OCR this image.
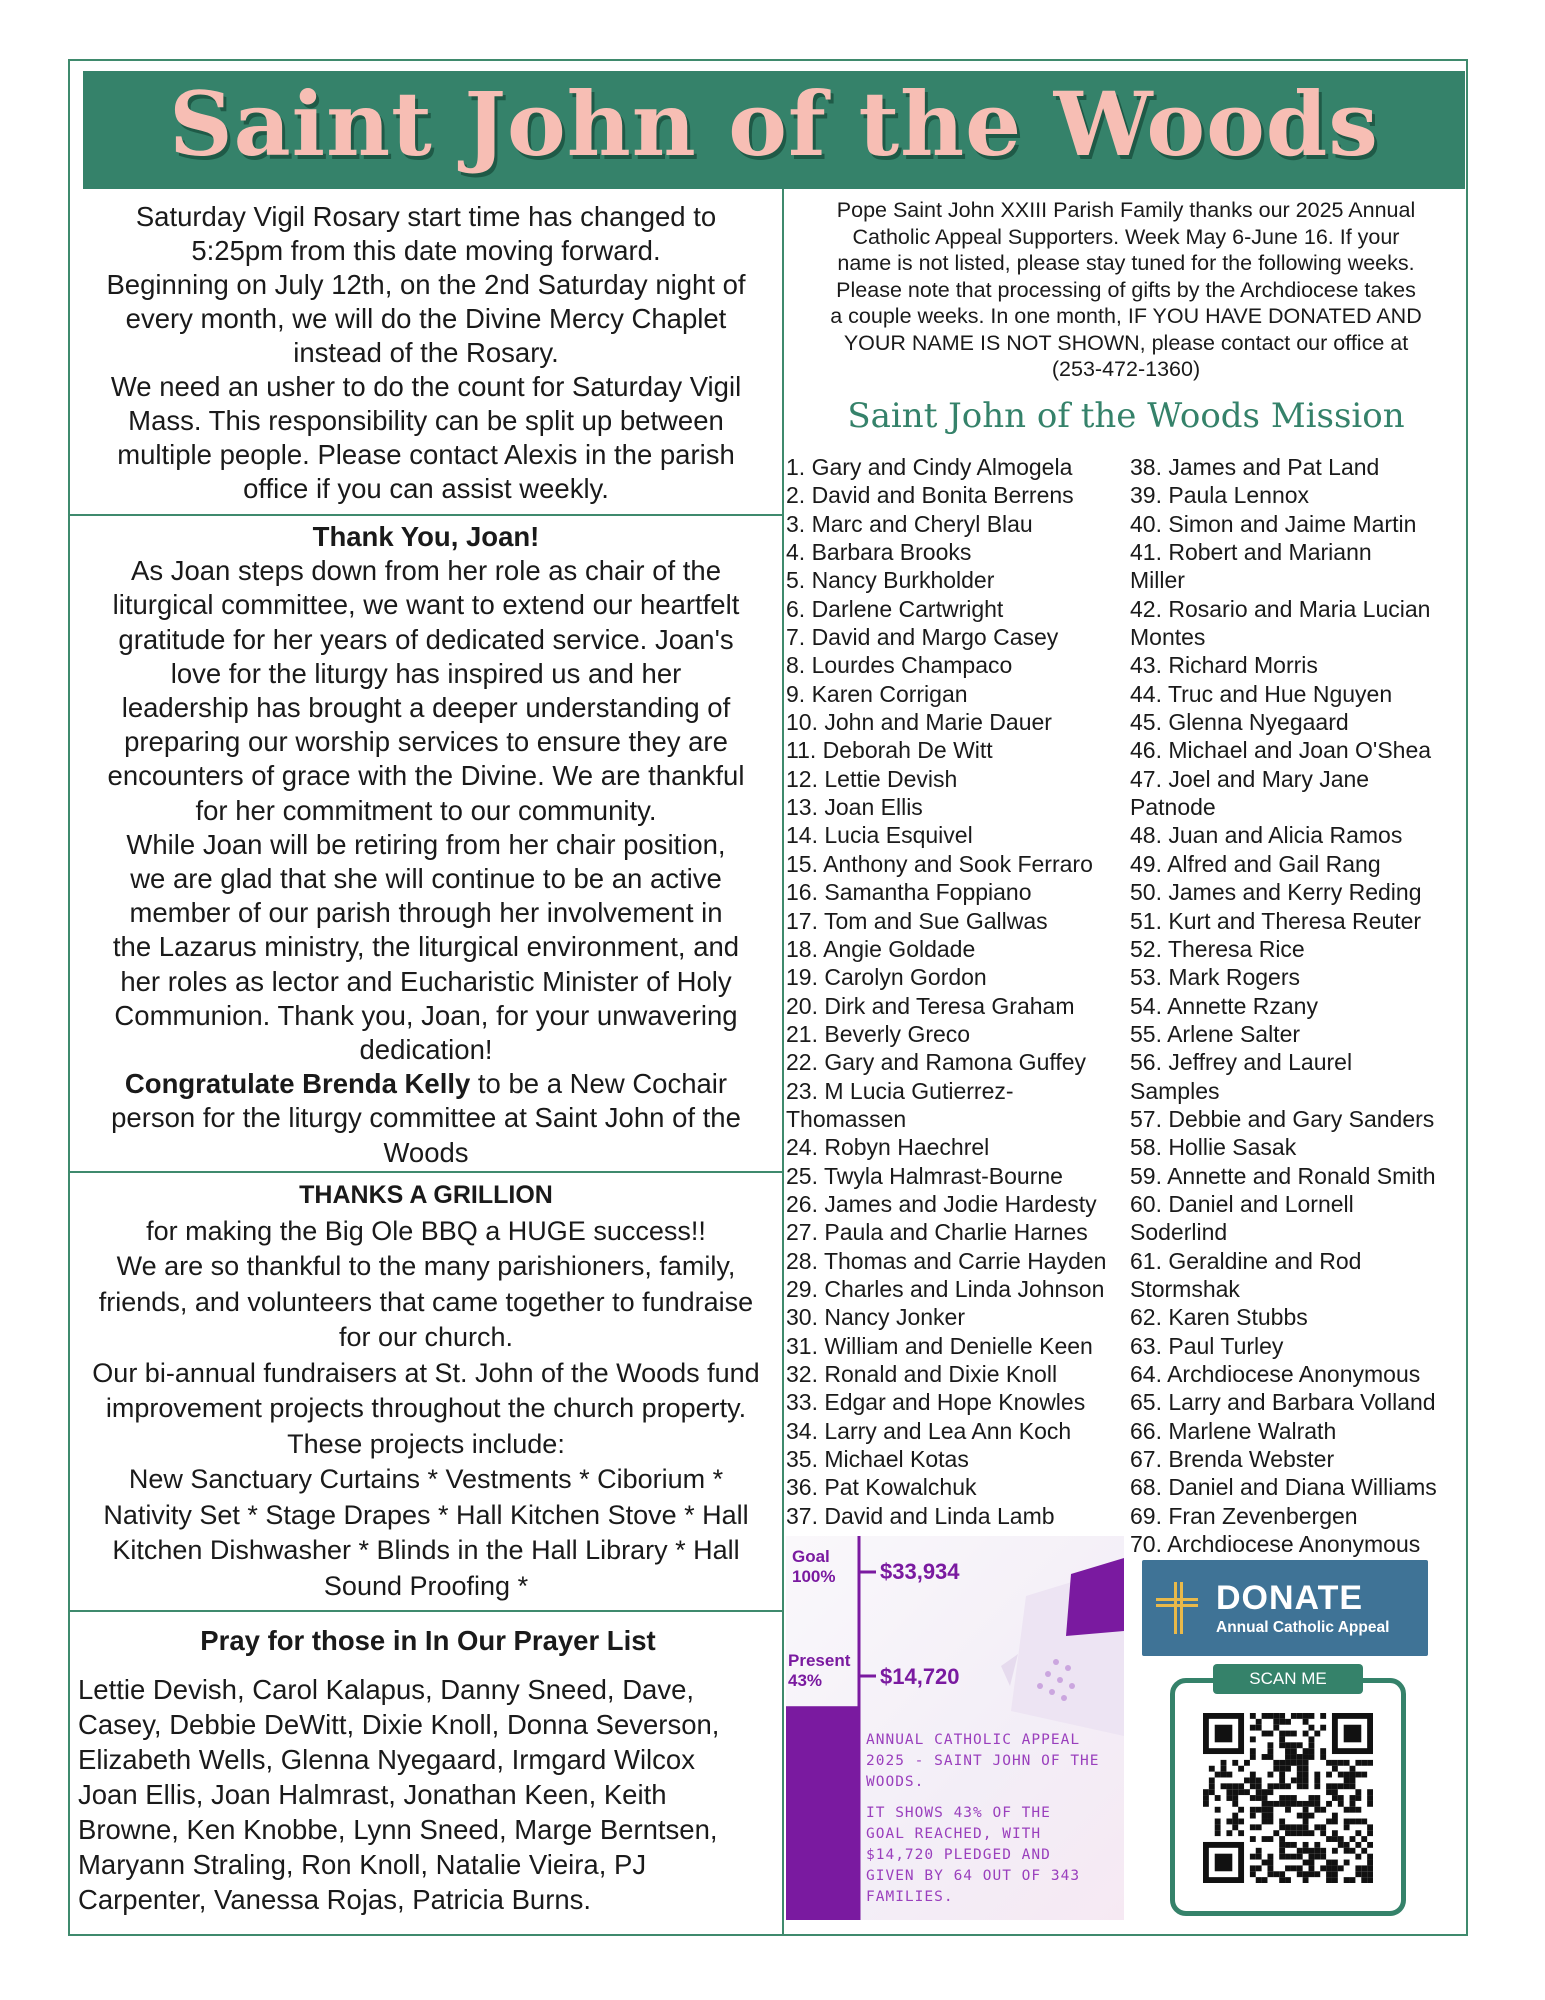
Saint John of the Woods
Saturday Vigil Rosary start time has changed to
5:25pm from this date moving forward.
Beginning on July 12th, on the 2nd Saturday night of
every month, we will do the Divine Mercy Chaplet
instead of the Rosary.
We need an usher to do the count for Saturday Vigil
Mass. This responsibility can be split up between
multiple people. Please contact Alexis in the parish
office if you can assist weekly.
Thank You, Joan!
As Joan steps down from her role as chair of the
liturgical committee, we want to extend our heartfelt
gratitude for her years of dedicated service. Joan's
love for the liturgy has inspired us and her
leadership has brought a deeper understanding of
preparing our worship services to ensure they are
encounters of grace with the Divine. We are thankful
for her commitment to our community.
While Joan will be retiring from her chair position,
we are glad that she will continue to be an active
member of our parish through her involvement in
the Lazarus ministry, the liturgical environment, and
her roles as lector and Eucharistic Minister of Holy
Communion. Thank you, Joan, for your unwavering
dedication!
Congratulate Brenda Kelly to be a New Cochair
person for the liturgy committee at Saint John of the
Woods
THANKS A GRILLION
for making the Big Ole BBQ a HUGE success!!
We are so thankful to the many parishioners, family,
friends, and volunteers that came together to fundraise
for our church.
Our bi-annual fundraisers at St. John of the Woods fund
improvement projects throughout the church property.
These projects include:
New Sanctuary Curtains * Vestments * Ciborium *
Nativity Set * Stage Drapes * Hall Kitchen Stove * Hall
Kitchen Dishwasher * Blinds in the Hall Library * Hall
Sound Proofing *
Pray for those in In Our Prayer List
Lettie Devish, Carol Kalapus, Danny Sneed, Dave,
Casey, Debbie DeWitt, Dixie Knoll, Donna Severson,
Elizabeth Wells, Glenna Nyegaard, Irmgard Wilcox
Joan Ellis, Joan Halmrast, Jonathan Keen, Keith
Browne, Ken Knobbe, Lynn Sneed, Marge Berntsen,
Maryann Straling, Ron Knoll, Natalie Vieira, PJ
Carpenter, Vanessa Rojas, Patricia Burns.
Pope Saint John XXIII Parish Family thanks our 2025 Annual
Catholic Appeal Supporters. Week May 6-June 16. If your
name is not listed, please stay tuned for the following weeks.
Please note that processing of gifts by the Archdiocese takes
a couple weeks. In one month, IF YOU HAVE DONATED AND
YOUR NAME IS NOT SHOWN, please contact our office at
(253-472-1360)
Saint John of the Woods Mission
1. Gary and Cindy Almogela
2. David and Bonita Berrens
3. Marc and Cheryl Blau
4. Barbara Brooks
5. Nancy Burkholder
6. Darlene Cartwright
7. David and Margo Casey
8. Lourdes Champaco
9. Karen Corrigan
10. John and Marie Dauer
11. Deborah De Witt
12. Lettie Devish
13. Joan Ellis
14. Lucia Esquivel
15. Anthony and Sook Ferraro
16. Samantha Foppiano
17. Tom and Sue Gallwas
18. Angie Goldade
19. Carolyn Gordon
20. Dirk and Teresa Graham
21. Beverly Greco
22. Gary and Ramona Guffey
23. M Lucia Gutierrez-
Thomassen
24. Robyn Haechrel
25. Twyla Halmrast-Bourne
26. James and Jodie Hardesty
27. Paula and Charlie Harnes
28. Thomas and Carrie Hayden
29. Charles and Linda Johnson
30. Nancy Jonker
31. William and Denielle Keen
32. Ronald and Dixie Knoll
33. Edgar and Hope Knowles
34. Larry and Lea Ann Koch
35. Michael Kotas
36. Pat Kowalchuk
37. David and Linda Lamb
38. James and Pat Land
39. Paula Lennox
40. Simon and Jaime Martin
41. Robert and Mariann
Miller
42. Rosario and Maria Lucian
Montes
43. Richard Morris
44. Truc and Hue Nguyen
45. Glenna Nyegaard
46. Michael and Joan O'Shea
47. Joel and Mary Jane
Patnode
48. Juan and Alicia Ramos
49. Alfred and Gail Rang
50. James and Kerry Reding
51. Kurt and Theresa Reuter
52. Theresa Rice
53. Mark Rogers
54. Annette Rzany
55. Arlene Salter
56. Jeffrey and Laurel
Samples
57. Debbie and Gary Sanders
58. Hollie Sasak
59. Annette and Ronald Smith
60. Daniel and Lornell
Soderlind
61. Geraldine and Rod
Stormshak
62. Karen Stubbs
63. Paul Turley
64. Archdiocese Anonymous
65. Larry and Barbara Volland
66. Marlene Walrath
67. Brenda Webster
68. Daniel and Diana Williams
69. Fran Zevenbergen
70. Archdiocese Anonymous
Goal
100% $33,934
Present
43%	$14,720
ANNUAL CATHOLIC APPEAL
2025 - SAINT JOHN OF THE
WOODS.
IT SHOWS 43% OF THE
GOAL REACHED, WITH
$14,720 PLEDGED AND
GIVEN BY 64 OUT OF 343
FAMILIES.
DONATE
Annual Catholic Appeal
SCAN ME
